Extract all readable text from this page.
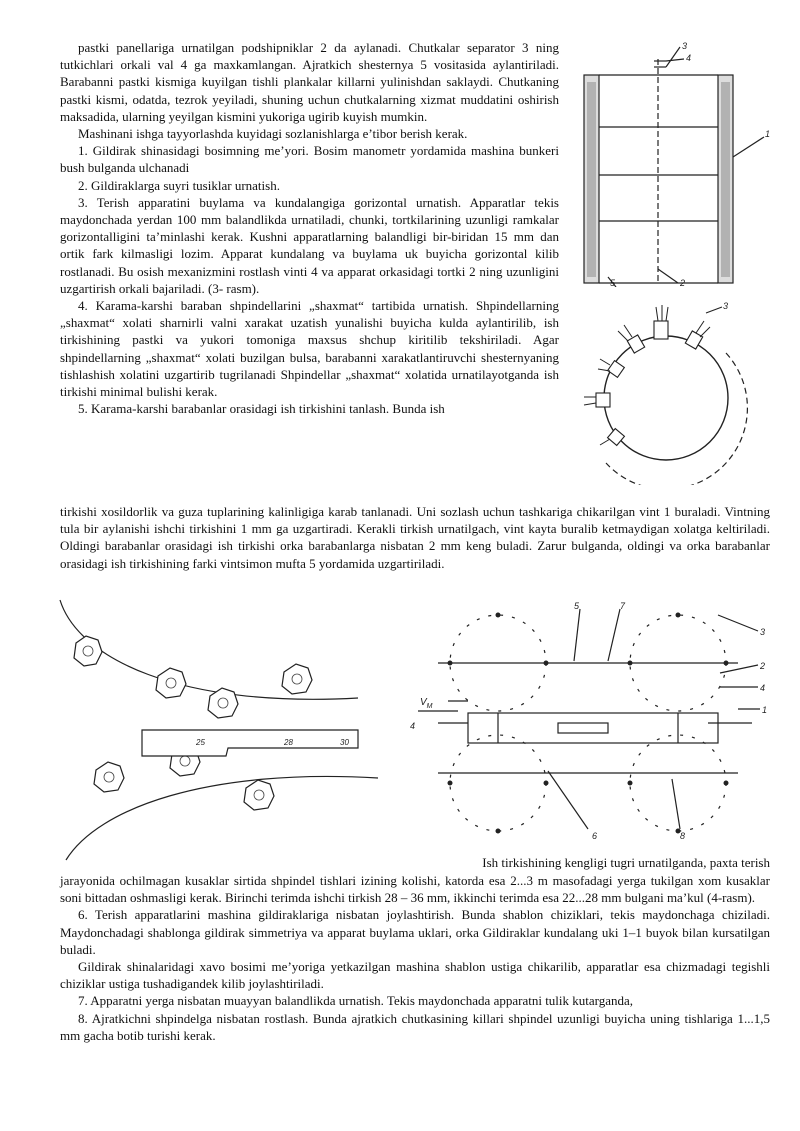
pastki panellariga urnatilgan podshipniklar 2 da aylanadi. Chutkalar separator 3 ning tutkichlari orkali val 4 ga maxkamlangan. Ajratkich shesternya 5 vositasida aylantiriladi. Barabanni pastki kismiga kuyilgan tishli plankalar killarni yulinishdan saklaydi. Chutkaning pastki kismi, odatda, tezrok yeyiladi, shuning uchun chutkalarning xizmat muddatini oshirish maksadida, ularning yeyilgan kismini yukoriga ugirib kuyish mumkin.

Mashinani ishga tayyorlashda kuyidagi sozlanishlarga e’tibor berish kerak.

1. Gildirak shinasidagi bosimning me’yori. Bosim manometr yordamida mashina bunkeri bush bulganda ulchanadi

2. Gildiraklarga suyri tusiklar urnatish.

3. Terish apparatini buylama va kundalangiga gorizontal urnatish. Apparatlar tekis maydonchada yerdan 100 mm balandlikda urnatiladi, chunki, tortkilarining uzunligi ramkalar gorizontalligini ta’minlashi kerak. Kushni apparatlarning balandligi bir-biridan 15 mm dan ortik fark kilmasligi lozim. Apparat kundalang va buylama uk buyicha gorizontal kilib rostlanadi. Bu osish mexanizmini rostlash vinti 4 va apparat orkasidagi tortki 2 ning uzunligini uzgartirish orkali bajariladi. (3- rasm).

4. Karama-karshi baraban shpindellarini „shaxmat“ tartibida urnatish. Shpindellarning „shaxmat“ xolati sharnirli valni xarakat uzatish yunalishi buyicha kulda aylantirilib, ish tirkishining pastki va yukori tomoniga maxsus shchup kiritilib tekshiriladi. Agar shpindellarning „shaxmat“ xolati buzilgan bulsa, barabanni xarakatlantiruvchi shesternyaning tishlashish xolatini uzgartirib tugrilanadi Shpindellar „shaxmat“ xolatida urnatilayotganda ish tirkishi minimal bulishi kerak.

5. Karama-karshi barabanlar orasidagi ish tirkishini tanlash. Bunda ish

tirkishi xosildorlik va guza tuplarining kalinligiga karab tanlanadi. Uni sozlash uchun tashkariga chikarilgan vint 1 buraladi. Vintning tula bir aylanishi ishchi tirkishini 1 mm ga uzgartiradi. Kerakli tirkish urnatilgach, vint kayta buralib ketmaydigan xolatga keltiriladi. Oldingi barabanlar orasidagi ish tirkishi orka barabanlarga nisbatan 2 mm keng buladi. Zarur bulganda, oldingi va orka barabanlar orasidagi ish tirkishining farki vintsimon mufta 5 yordamida uzgartiriladi.

3
4
1
5	2
3
25	28	30
5	7
3
2
4
1
6	8
4
$V_M$

Ish tirkishining kengligi tugri urnatilganda, paxta terish

jarayonida ochilmagan kusaklar sirtida shpindel tishlari izining kolishi, katorda esa 2...3 m masofadagi yerga tukilgan xom kusaklar soni bittadan oshmasligi kerak. Birinchi terimda ishchi tirkish 28 – 36 mm, ikkinchi terimda esa 22...28 mm bulgani ma’kul (4-rasm).

6. Terish apparatlarini mashina gildiraklariga nisbatan joylashtirish. Bunda shablon chiziklari, tekis maydonchaga chiziladi. Maydonchadagi shablonga gildirak simmetriya va apparat buylama uklari, orka Gildiraklar kundalang uki 1–1 buyok bilan kursatilgan buladi.

Gildirak shinalaridagi xavo bosimi me’yoriga yetkazilgan mashina shablon ustiga chikarilib, apparatlar esa chizmadagi tegishli chiziklar ustiga tushadigandek kilib joylashtiriladi.

7. Apparatni yerga nisbatan muayyan balandlikda urnatish. Tekis maydonchada apparatni tulik kutarganda,

8. Ajratkichni shpindelga nisbatan rostlash. Bunda ajratkich chutkasining killari shpindel uzunligi buyicha uning tishlariga 1...1,5 mm gacha botib turishi kerak.
